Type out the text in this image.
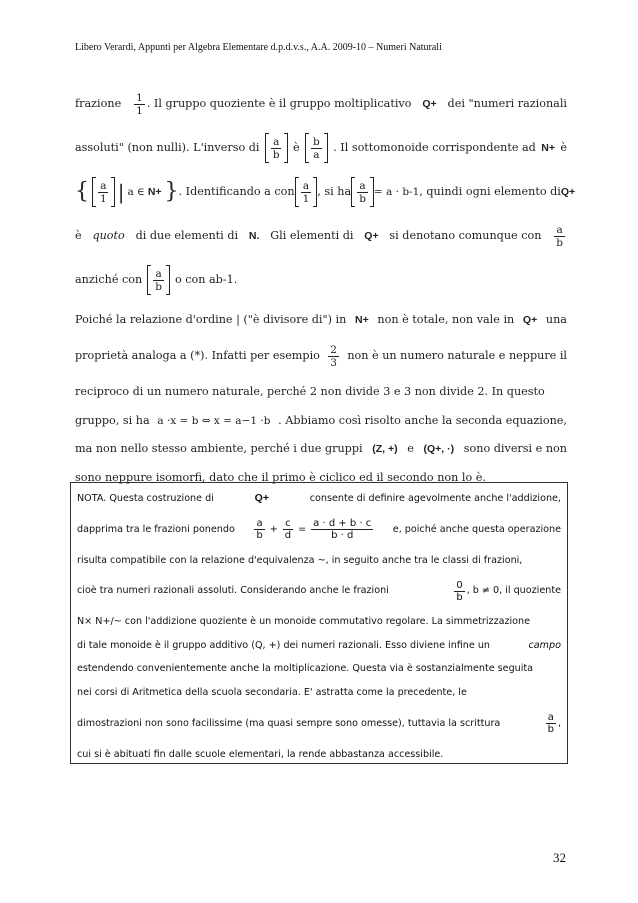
Libero Verardi, Appunti per Algebra Elementare d.p.d.v.s., A.A. 2009-10 – Numeri Naturali
frazione $\frac{1}{1}$ . Il gruppo quoziente è il gruppo moltiplicativo Q+ dei "numeri razionali
assoluti" (non nulli). L'inverso di $\frac{a}{b}$ è $\frac{b}{a}$ . Il sottomonoide corrispondente ad N+ è
{ $\frac{a}{1}$ | a ∈ N+ } . Identificando a con $\frac{a}{1}$ , si ha $\frac{a}{b} = a \cdot b-1$ , quindi ogni elemento di Q+
è quoto di due elementi di N. Gli elementi di Q+ si denotano comunque con $\frac{a}{b}$
anziché con $\frac{a}{b}$ o con ab-1.
Poiché la relazione d'ordine | ("è divisore di") in N+ non è totale, non vale in Q+ una
proprietà analoga a (*). Infatti per esempio $\frac{2}{3}$ non è un numero naturale e neppure il
reciproco di un numero naturale, perché 2 non divide 3 e 3 non divide 2. In questo
gruppo, si ha a ·x = b ⇔ x = a−1 ·b . Abbiamo così risolto anche la seconda equazione,
ma non nello stesso ambiente, perché i due gruppi (Z, +) e (Q+, ·) sono diversi e non
sono neppure isomorfi, dato che il primo è ciclico ed il secondo non lo è.
NOTA. Questa costruzione di	Q+	consente di definire agevolmente anche l'addizione,
dapprima tra le frazioni ponendo $\frac{a}{b} + \frac{c}{d} = \frac{a \cdot d + b \cdot c}{b \cdot d} e$, poiché anche questa operazione
risulta compatibile con la relazione d'equivalenza ~, in seguito anche tra le classi di frazioni,
cioè tra numeri razionali assoluti. Considerando anche le frazioni	$\frac{0}{b}$ , b ≠ 0, il quoziente
N× N+/~ con l'addizione quoziente è un monoide commutativo regolare. La simmetrizzazione
di tale monoide è il gruppo additivo (Q, +) dei numeri razionali. Esso diviene infine un	campo
estendendo convenientemente anche la moltiplicazione. Questa via è sostanzialmente seguita
nei corsi di Aritmetica della scuola secondaria. E' astratta come la precedente, le
dimostrazioni non sono facilissime (ma quasi sempre sono omesse), tuttavia la scrittura	$\frac{a}{b}$ ,
cui si è abituati fin dalle scuole elementari, la rende abbastanza accessibile.
32
